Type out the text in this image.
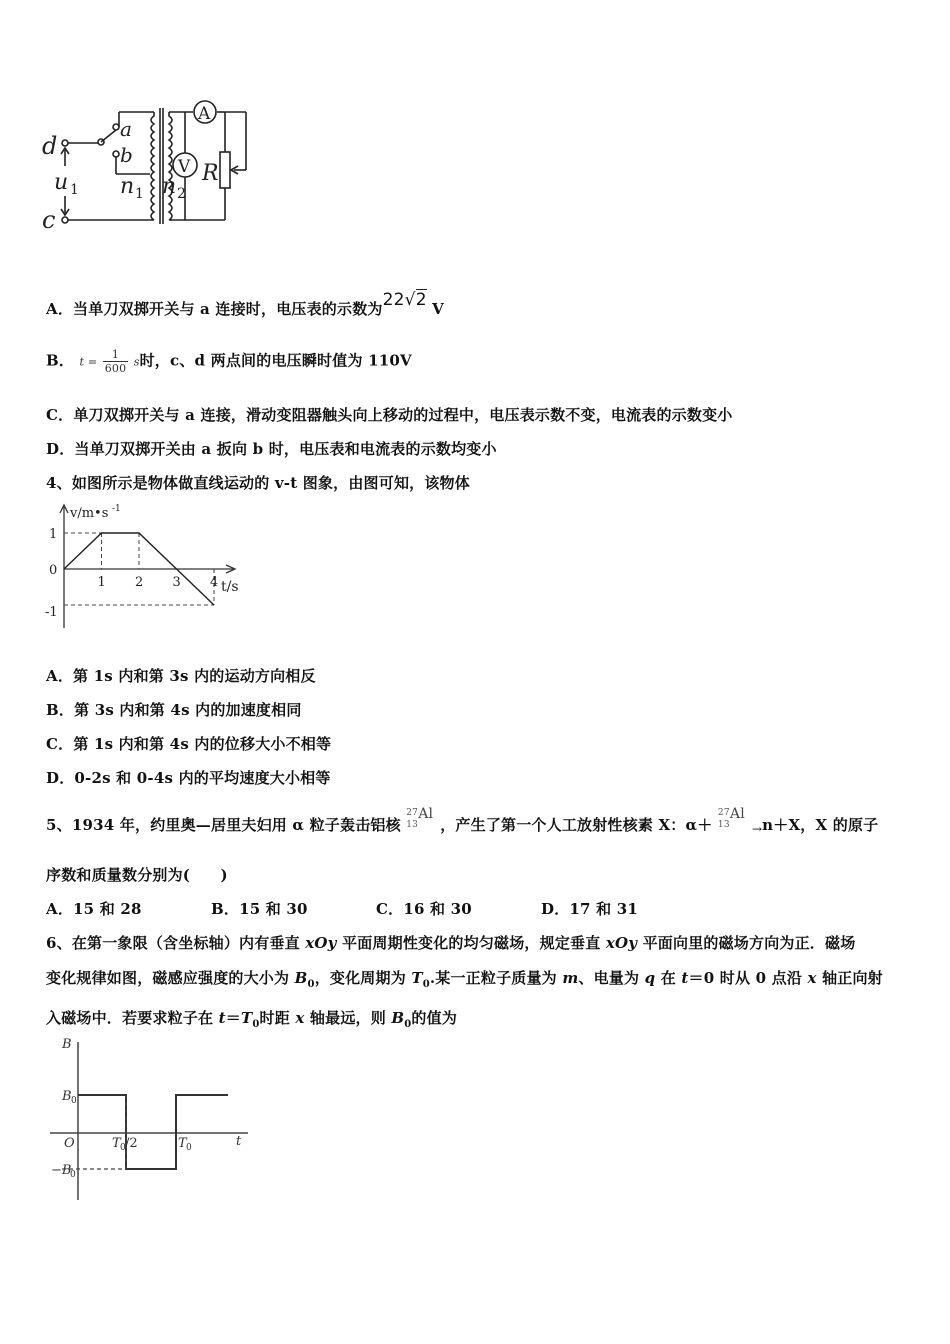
d
c
a
b
u 1 n 1 n 2
R
A
V
A．当单刀双掷开关与 a 连接时，电压表的示数为22√2 V
B． $t = \frac{1}{600}$ s时，c、d 两点间的电压瞬时值为 110V
C．单刀双掷开关与 a 连接，滑动变阻器触头向上移动的过程中，电压表示数不变，电流表的示数变小
D．当单刀双掷开关由 a 扳向 b 时，电压表和电流表的示数均变小
4、如图所示是物体做直线运动的 v-t 图象，由图可知，该物体
v/m•s -1
t/s
1
0
-1
1 2 3 4
A．第 1s 内和第 3s 内的运动方向相反
B．第 3s 内和第 4s 内的加速度相同
C．第 1s 内和第 4s 内的位移大小不相等
D．0-2s 和 0-4s 内的平均速度大小相等
5、1934 年，约里奥—居里夫妇用 α 粒子轰击铝核
27
13
Al
，产生了第一个人工放射性核素 X：α＋
27
13
Al
$_\to$n＋X，X 的原子
序数和质量数分别为(　　)
A．15 和 28	B．15 和 30	C．16 和 30	D．17 和 31
6、在第一象限（含坐标轴）内有垂直 xOy 平面周期性变化的均匀磁场，规定垂直 xOy 平面向里的磁场方向为正．磁场
变化规律如图，磁感应强度的大小为 $B_0$，变化周期为 $T_0$.某一正粒子质量为 m、电量为 q 在 t＝0 时从 0 点沿 x 轴正向射
入磁场中．若要求粒子在 $t=T_0$时距 x 轴最远，则 $B_0$的值为
B
B 0
−B
0
O	T 0 /2	T 0	t
